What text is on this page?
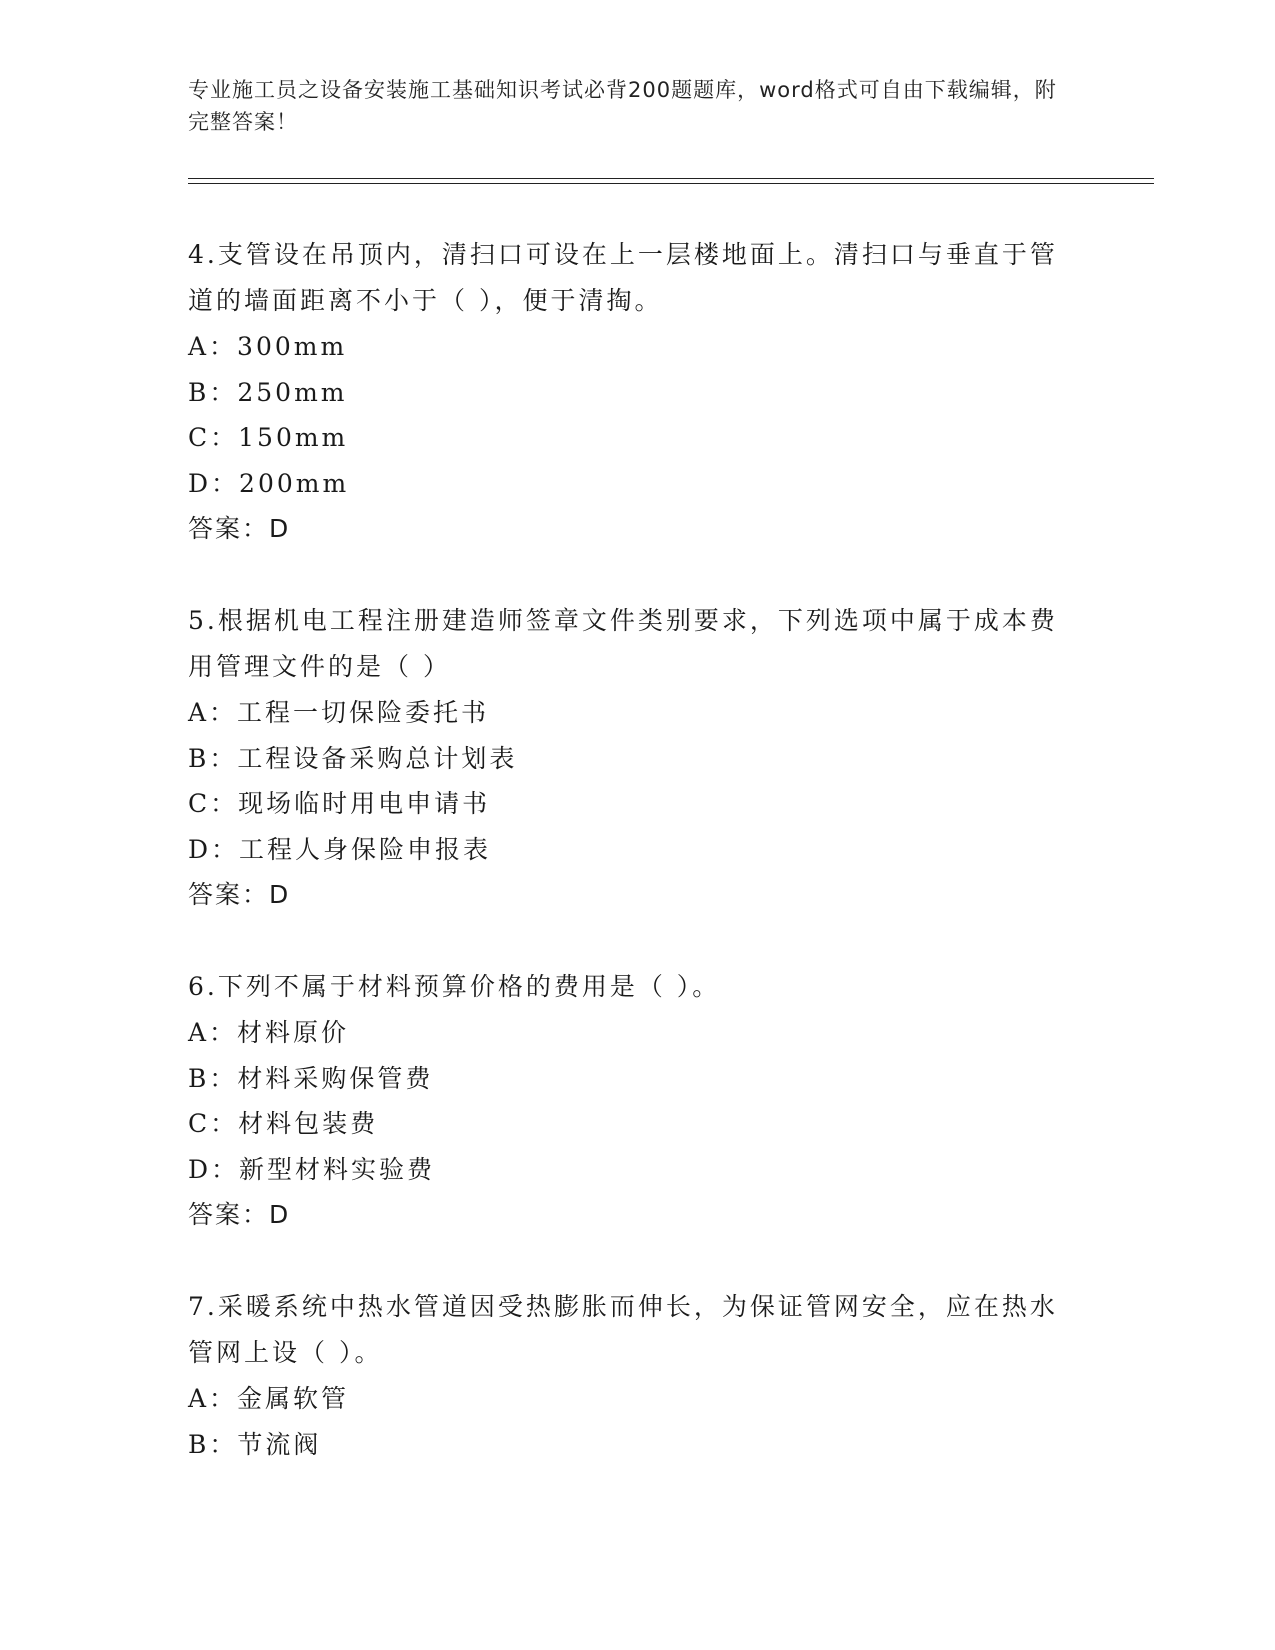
专业施工员之设备安装施工基础知识考试必背200题题库，word格式可自由下载编辑，附完整答案！

4.支管设在吊顶内，清扫口可设在上一层楼地面上。清扫口与垂直于管道的墙面距离不小于（ ），便于清掏。

A：300mm

B：250mm

C：150mm

D：200mm

答案：D

5.根据机电工程注册建造师签章文件类别要求，下列选项中属于成本费用管理文件的是（ ）

A：工程一切保险委托书

B：工程设备采购总计划表

C：现场临时用电申请书

D：工程人身保险申报表

答案：D

6.下列不属于材料预算价格的费用是（ ）。

A：材料原价

B：材料采购保管费

C：材料包装费

D：新型材料实验费

答案：D

7.采暖系统中热水管道因受热膨胀而伸长，为保证管网安全，应在热水管网上设（ ）。

A：金属软管

B：节流阀
